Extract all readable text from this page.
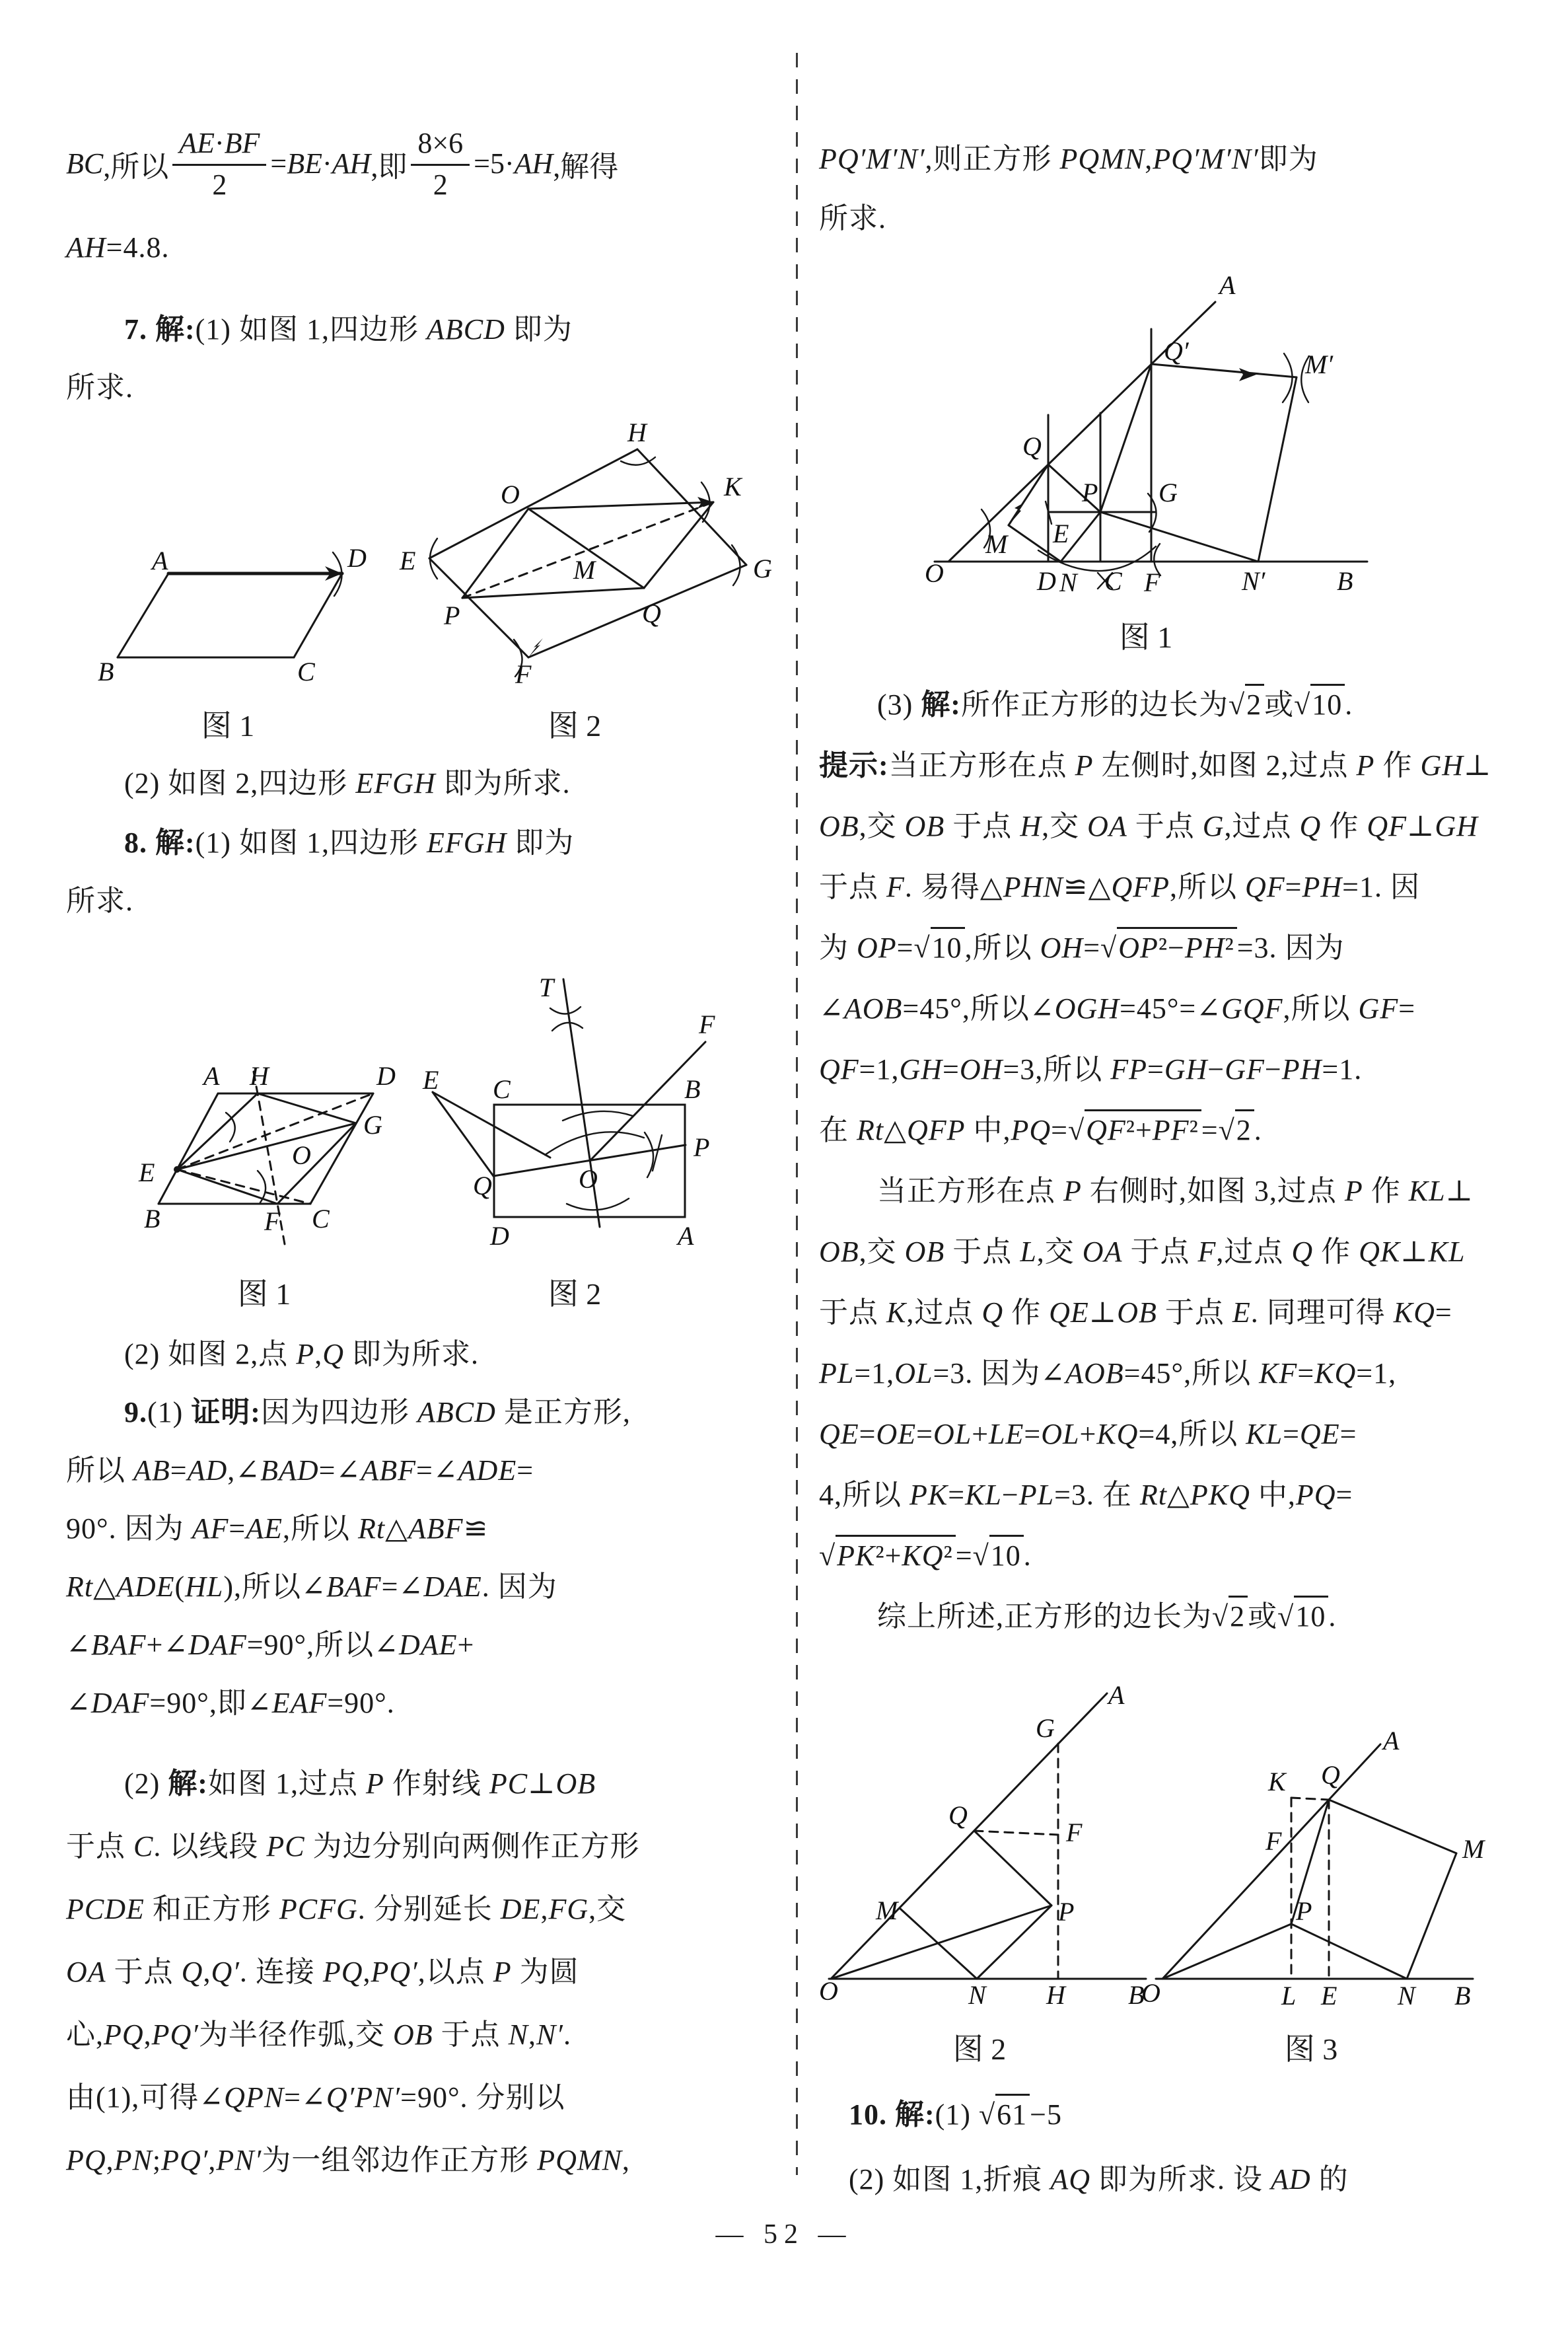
BC ,所以 $\frac{AE\cdot BF}{2}$ = BE · AH ,即 $\frac{8\times 6}{2} =5\cdot$ AH ,解得
AH=4.8.
7. 解:(1) 如图 1,四边形 ABCD 即为
所求.
A	D
B	C
H
K
O
E	M	G
P	Q
F
图 1	图 2
(2) 如图 2,四边形 EFGH 即为所求.
8. 解:(1) 如图 1,四边形 EFGH 即为
所求.
A H	D
E
G
O
B	F C
T
E C	B
F
P
O
Q
D	A
图 1	图 2
(2) 如图 2,点 P,Q 即为所求.
9.(1) 证明:因为四边形 ABCD 是正方形,
所以 AB=AD,∠BAD=∠ABF=∠ADE=
90°. 因为 AF=AE,所以 Rt△ABF≌
Rt△ADE(HL),所以∠BAF=∠DAE. 因为
∠BAF+∠DAF=90°,所以∠DAE+
∠DAF=90°,即∠EAF=90°.
(2) 解:如图 1,过点 P 作射线 PC⊥OB
于点 C. 以线段 PC 为边分别向两侧作正方形
PCDE 和正方形 PCFG. 分别延长 DE,FG,交
OA 于点 Q,Q′. 连接 PQ,PQ′,以点 P 为圆
心,PQ,PQ′为半径作弧,交 OB 于点 N,N′.
由(1),可得∠QPN=∠Q′PN′=90°. 分别以
PQ,PN;PQ′,PN′为一组邻边作正方形 PQMN,
PQ′M′N′,则正方形 PQMN,PQ′M′N′即为
所求.
A
Q′	M′
Q
P G
E
M
O	D N C F	N′	B
图 1
(3) 解:所作正方形的边长为√2或√10.
提示:当正方形在点 P 左侧时,如图 2,过点 P 作 GH⊥
OB,交 OB 于点 H,交 OA 于点 G,过点 Q 作 QF⊥GH
于点 F. 易得△PHN≌△QFP,所以 QF=PH=1. 因
为 OP=√10,所以 OH=√OP²−PH²=3. 因为
∠AOB=45°,所以∠OGH=45°=∠GQF,所以 GF=
QF=1,GH=OH=3,所以 FP=GH−GF−PH=1.
在 Rt△QFP 中,PQ=√QF²+PF²=√2.
当正方形在点 P 右侧时,如图 3,过点 P 作 KL⊥
OB,交 OB 于点 L,交 OA 于点 F,过点 Q 作 QK⊥KL
于点 K,过点 Q 作 QE⊥OB 于点 E. 同理可得 KQ=
PL=1,OL=3. 因为∠AOB=45°,所以 KF=KQ=1,
QE=OE=OL+LE=OL+KQ=4,所以 KL=QE=
4,所以 PK=KL−PL=3. 在 Rt△PKQ 中,PQ=
√PK²+KQ²=√10.
综上所述,正方形的边长为√2或√10.
A
G
Q
F
M	P
O	N H B
K Q
A
F	M
P
O	L E N B
图 2	图 3
10. 解:(1) √61−5
(2) 如图 1,折痕 AQ 即为所求. 设 AD 的
— 52 —
